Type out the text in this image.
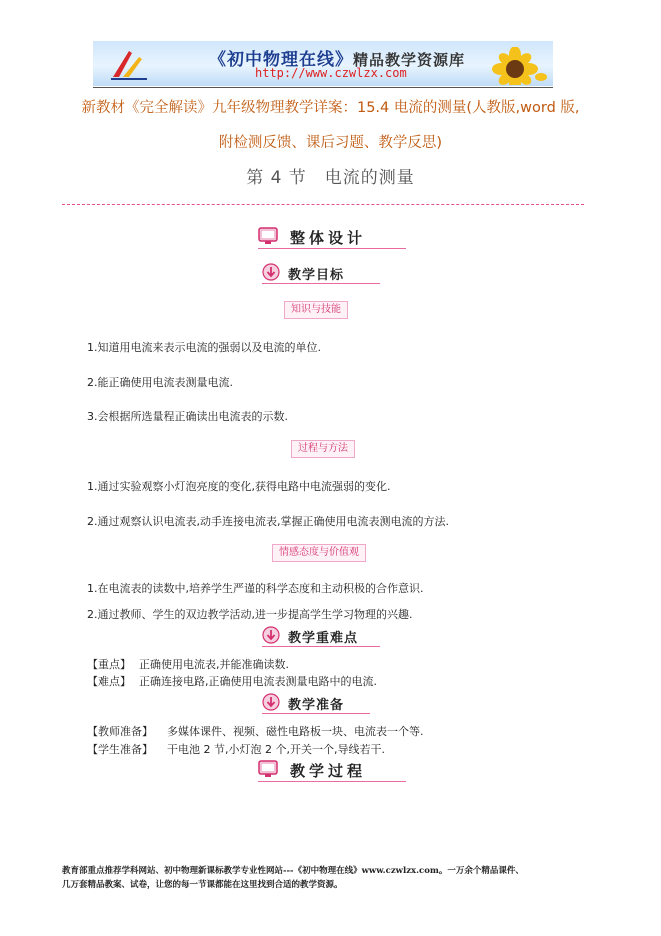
《初中物理在线》精品教学资源库
http://www.czwlzx.com
新教材《完全解读》九年级物理教学详案：15.4 电流的测量(人教版,word 版,
附检测反馈、课后习题、教学反思)
第 4 节　电流的测量
整体设计
教学目标
知识与技能
1.知道用电流来表示电流的强弱以及电流的单位.
2.能正确使用电流表测量电流.
3.会根据所选量程正确读出电流表的示数.
过程与方法
1.通过实验观察小灯泡亮度的变化,获得电路中电流强弱的变化.
2.通过观察认识电流表,动手连接电流表,掌握正确使用电流表测电流的方法.
情感态度与价值观
1.在电流表的读数中,培养学生严谨的科学态度和主动积极的合作意识.
2.通过教师、学生的双边教学活动,进一步提高学生学习物理的兴趣.
教学重难点
【重点】 正确使用电流表,并能准确读数.
【难点】 正确连接电路,正确使用电流表测量电路中的电流.
教学准备
【教师准备】 多媒体课件、视频、磁性电路板一块、电流表一个等.
【学生准备】 干电池 2 节,小灯泡 2 个,开关一个,导线若干.
教学过程
教育部重点推荐学科网站、初中物理新课标教学专业性网站---《初中物理在线》www.czwlzx.com。一万余个精品课件、
几万套精品教案、试卷，让您的每一节课都能在这里找到合适的教学资源。
